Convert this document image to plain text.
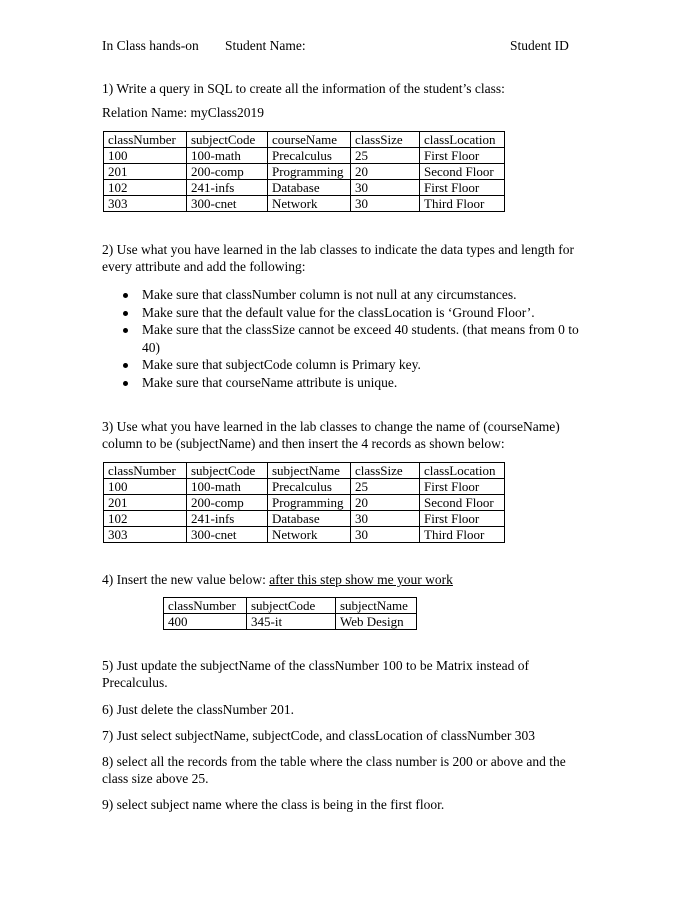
In Class hands-on Student Name:	Student ID
1) Write a query in SQL to create all the information of the student’s class:
Relation Name: myClass2019
classNumber	subjectCode	courseName	classSize	classLocation
100	100-math	Precalculus	25	First Floor
201	200-comp	Programming	20	Second Floor
102	241-infs	Database	30	First Floor
303	300-cnet	Network	30	Third Floor
2) Use what you have learned in the lab classes to indicate the data types and length for every attribute and add the following:
Make sure that classNumber column is not null at any circumstances.
Make sure that the default value for the classLocation is ‘Ground Floor’.
Make sure that the classSize cannot be exceed 40 students. (that means from 0 to 40)
Make sure that subjectCode column is Primary key.
Make sure that courseName attribute is unique.
3) Use what you have learned in the lab classes to change the name of (courseName) column to be (subjectName) and then insert the 4 records as shown below:
classNumber	subjectCode	subjectName	classSize	classLocation
100	100-math	Precalculus	25	First Floor
201	200-comp	Programming	20	Second Floor
102	241-infs	Database	30	First Floor
303	300-cnet	Network	30	Third Floor
4) Insert the new value below: after this step show me your work
classNumber	subjectCode	subjectName
400	345-it	Web Design
5) Just update the subjectName of the classNumber 100 to be Matrix instead of Precalculus.
6) Just delete the classNumber 201.
7) Just select subjectName, subjectCode, and classLocation of classNumber 303
8) select all the records from the table where the class number is 200 or above and the class size above 25.
9) select subject name where the class is being in the first floor.
